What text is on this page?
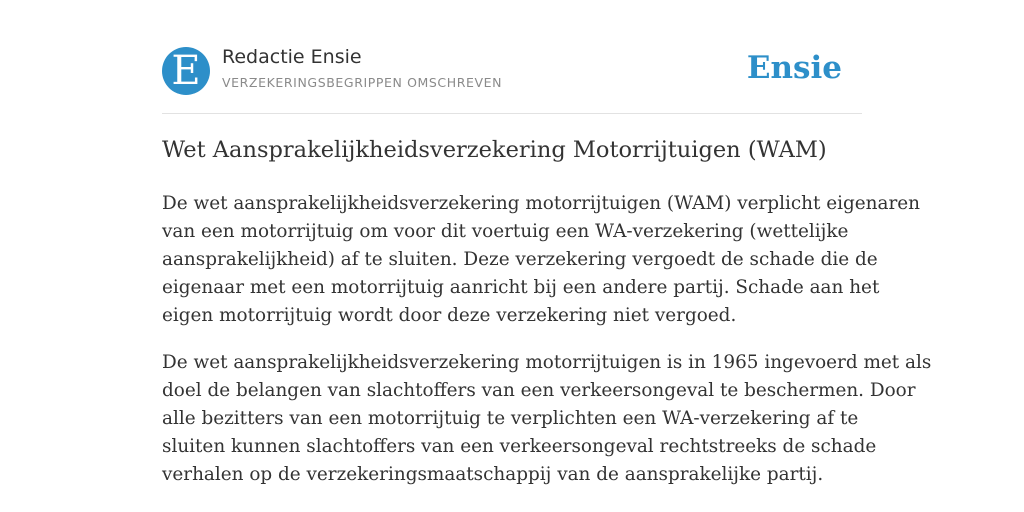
E Redactie Ensie
VERZEKERINGSBEGRIPPEN OMSCHREVEN	Ensie
Wet Aansprakelijkheidsverzekering Motorrijtuigen (WAM)

De wet aansprakelijkheidsverzekering motorrijtuigen (WAM) verplicht eigenaren
van een motorrijtuig om voor dit voertuig een WA-verzekering (wettelijke
aansprakelijkheid) af te sluiten. Deze verzekering vergoedt de schade die de
eigenaar met een motorrijtuig aanricht bij een andere partij. Schade aan het
eigen motorrijtuig wordt door deze verzekering niet vergoed.

De wet aansprakelijkheidsverzekering motorrijtuigen is in 1965 ingevoerd met als
doel de belangen van slachtoffers van een verkeersongeval te beschermen. Door
alle bezitters van een motorrijtuig te verplichten een WA-verzekering af te
sluiten kunnen slachtoffers van een verkeersongeval rechtstreeks de schade
verhalen op de verzekeringsmaatschappij van de aansprakelijke partij.
